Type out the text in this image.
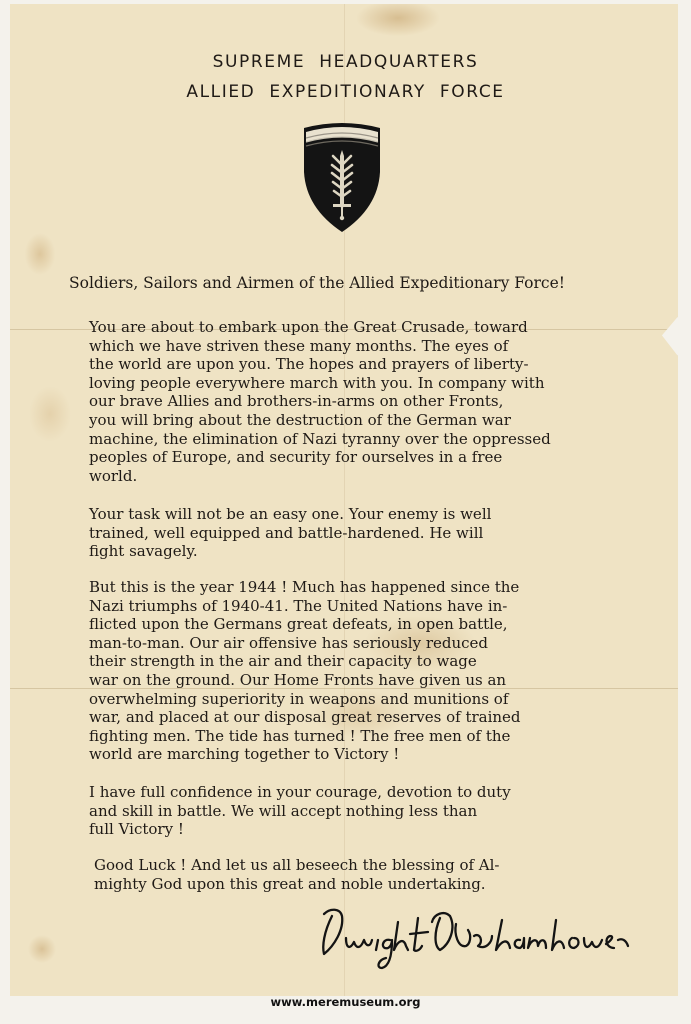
SUPREME HEADQUARTERS
ALLIED EXPEDITIONARY FORCE
Soldiers, Sailors and Airmen of the Allied Expeditionary Force!
You are about to embark upon the Great Crusade, toward
which we have striven these many months. The eyes of
the world are upon you. The hopes and prayers of liberty-
loving people everywhere march with you. In company with
our brave Allies and brothers-in-arms on other Fronts,
you will bring about the destruction of the German war
machine, the elimination of Nazi tyranny over the oppressed
peoples of Europe, and security for ourselves in a free
world.
Your task will not be an easy one. Your enemy is well
trained, well equipped and battle-hardened. He will
fight savagely.
But this is the year 1944 ! Much has happened since the
Nazi triumphs of 1940-41. The United Nations have in-
flicted upon the Germans great defeats, in open battle,
man-to-man. Our air offensive has seriously reduced
their strength in the air and their capacity to wage
war on the ground. Our Home Fronts have given us an
overwhelming superiority in weapons and munitions of
war, and placed at our disposal great reserves of trained
fighting men. The tide has turned ! The free men of the
world are marching together to Victory !
I have full confidence in your courage, devotion to duty
and skill in battle. We will accept nothing less than
full Victory !
Good Luck ! And let us all beseech the blessing of Al-
mighty God upon this great and noble undertaking.
www.meremuseum.org
